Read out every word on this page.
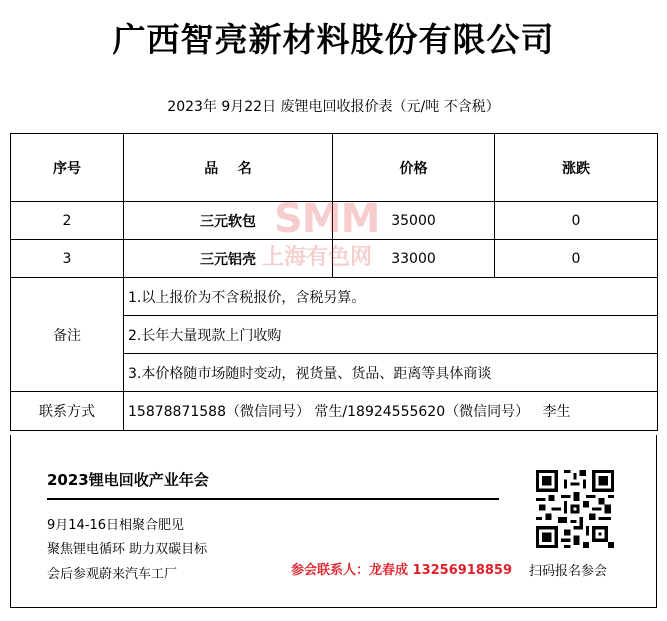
广西智亮新材料股份有限公司
2023年 9月22日 废锂电回收报价表（元/吨 不含税）
序号	品    名	价格	涨跌
2	三元软包	35000	0
3	三元铝壳	33000	0
备注	1.以上报价为不含税报价，含税另算。		
	2.长年大量现款上门收购		
	3.本价格随市场随时变动，视货量、货品、距离等具体商谈		
联系方式	15878871588（微信同号） 常生/18924555620（微信同号）   李生		
SMM
上海有色网
2023锂电回收产业年会
9月14-16日相聚合肥见
聚焦锂电循环 助力双碳目标
会后参观蔚来汽车工厂	参会联系人：龙春成 13256918859 扫码报名参会
